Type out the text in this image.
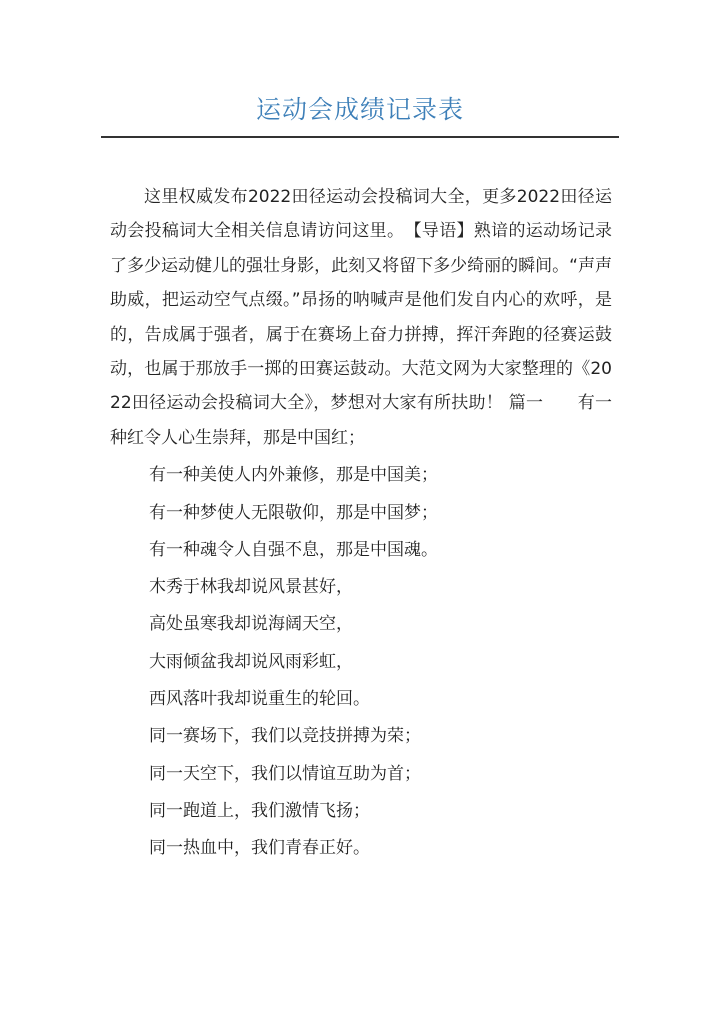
运动会成绩记录表

这里权威发布2022田径运动会投稿词大全，更多2022田径运动会投稿词大全相关信息请访问这里。　【导语】熟谙的运动场记录了多少运动健儿的强壮身影，此刻又将留下多少绮丽的瞬间。“声声助威，把运动空气点缀。”昂扬的呐喊声是他们发自内心的欢呼，是的，告成属于强者，属于在赛场上奋力拼搏，挥汗奔跑的径赛运鼓动，也属于那放手一掷的田赛运鼓动。大范文网为大家整理的《2022田径运动会投稿词大全》，梦想对大家有所扶助！ 篇一　　有一种红令人心生崇拜，那是中国红；

有一种美使人内外兼修，那是中国美；

有一种梦使人无限敬仰，那是中国梦；

有一种魂令人自强不息，那是中国魂。

木秀于林我却说风景甚好，

高处虽寒我却说海阔天空，

大雨倾盆我却说风雨彩虹，

西风落叶我却说重生的轮回。

同一赛场下，我们以竞技拼搏为荣；

同一天空下，我们以情谊互助为首；

同一跑道上，我们激情飞扬；

同一热血中，我们青春正好。
